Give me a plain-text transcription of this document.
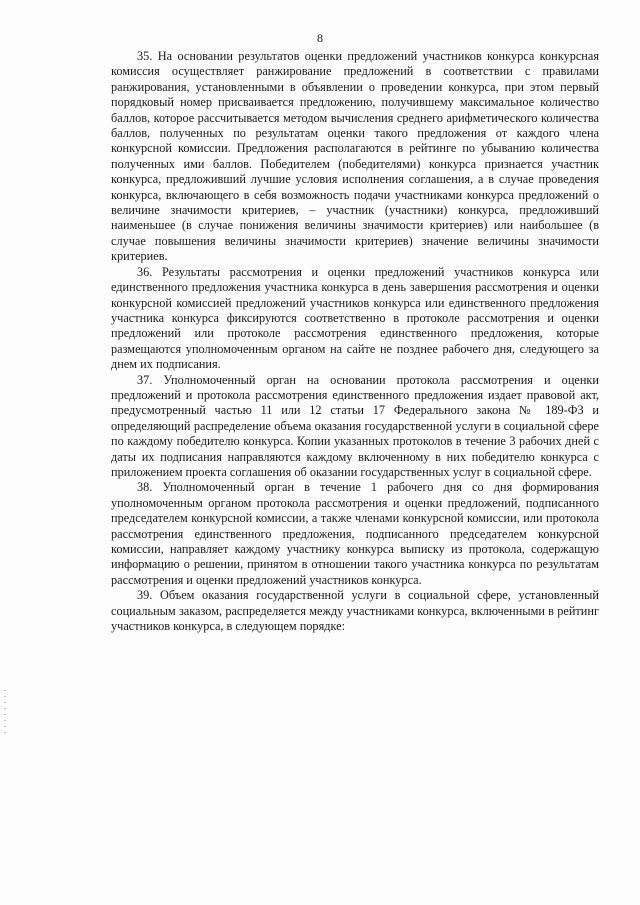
8

35. На основании результатов оценки предложений участников конкурса конкурсная комиссия осуществляет ранжирование предложений в соответствии с правилами ранжирования, установленными в объявлении о проведении конкурса, при этом первый порядковый номер присваивается предложению, получившему максимальное количество баллов, которое рассчитывается методом вычисления среднего арифметического количества баллов, полученных по результатам оценки такого предложения от каждого члена конкурсной комиссии. Предложения располагаются в рейтинге по убыванию количества полученных ими баллов. Победителем (победителями) конкурса признается участник конкурса, предложивший лучшие условия исполнения соглашения, а в случае проведения конкурса, включающего в себя возможность подачи участниками конкурса предложений о величине значимости критериев, – участник (участники) конкурса, предложивший наименьшее (в случае понижения величины значимости критериев) или наибольшее (в случае повышения величины значимости критериев) значение величины значимости критериев.

36. Результаты рассмотрения и оценки предложений участников конкурса или единственного предложения участника конкурса в день завершения рассмотрения и оценки конкурсной комиссией предложений участников конкурса или единственного предложения участника конкурса фиксируются соответственно в протоколе рассмотрения и оценки предложений или протоколе рассмотрения единственного предложения, которые размещаются уполномоченным органом на сайте не позднее рабочего дня, следующего за днем их подписания.

37. Уполномоченный орган на основании протокола рассмотрения и оценки предложений и протокола рассмотрения единственного предложения издает правовой акт, предусмотренный частью 11 или 12 статьи 17 Федерального закона № 189-ФЗ и определяющий распределение объема оказания государственной услуги в социальной сфере по каждому победителю конкурса. Копии указанных протоколов в течение 3 рабочих дней с даты их подписания направляются каждому включенному в них победителю конкурса с приложением проекта соглашения об оказании государственных услуг в социальной сфере.

38. Уполномоченный орган в течение 1 рабочего дня со дня формирования уполномоченным органом протокола рассмотрения и оценки предложений, подписанного председателем конкурсной комиссии, а также членами конкурсной комиссии, или протокола рассмотрения единственного предложения, подписанного председателем конкурсной комиссии, направляет каждому участнику конкурса выписку из протокола, содержащую информацию о решении, принятом в отношении такого участника конкурса по результатам рассмотрения и оценки предложений участников конкурса.

39. Объем оказания государственной услуги в социальной сфере, установленный социальным заказом, распределяется между участниками конкурса, включенными в рейтинг участников конкурса, в следующем порядке:
